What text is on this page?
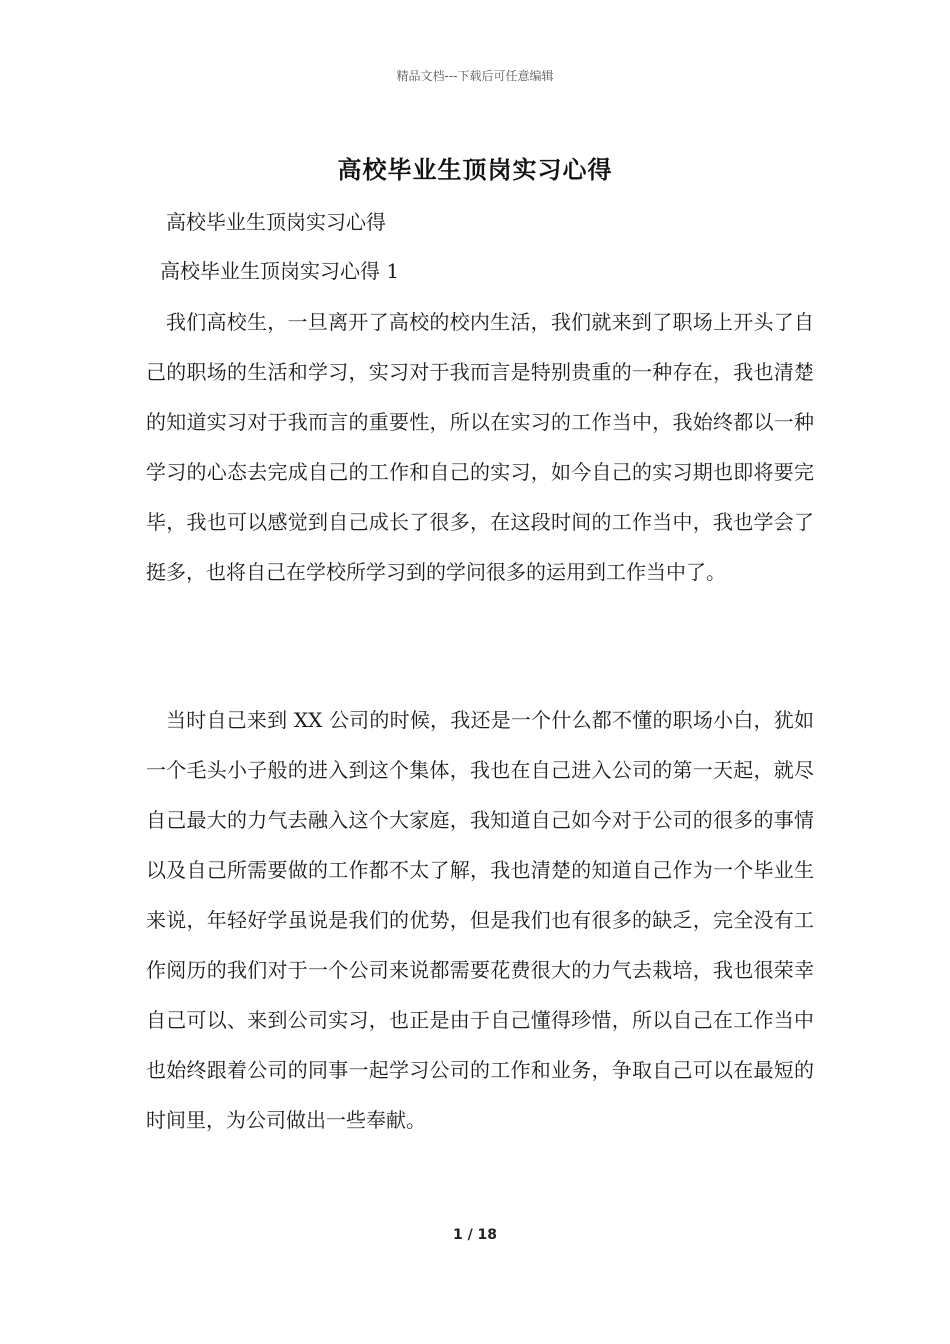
精品文档---下载后可任意编辑
高校毕业生顶岗实习心得
高校毕业生顶岗实习心得
高校毕业生顶岗实习心得 1
我们高校生，一旦离开了高校的校内生活，我们就来到了职场上开头了自己的职场的生活和学习，实习对于我而言是特别贵重的一种存在，我也清楚的知道实习对于我而言的重要性，所以在实习的工作当中，我始终都以一种学习的心态去完成自己的工作和自己的实习，如今自己的实习期也即将要完毕，我也可以感觉到自己成长了很多，在这段时间的工作当中，我也学会了挺多，也将自己在学校所学习到的学问很多的运用到工作当中了。
当时自己来到 XX 公司的时候，我还是一个什么都不懂的职场小白，犹如一个毛头小子般的进入到这个集体，我也在自己进入公司的第一天起，就尽自己最大的力气去融入这个大家庭，我知道自己如今对于公司的很多的事情以及自己所需要做的工作都不太了解，我也清楚的知道自己作为一个毕业生来说，年轻好学虽说是我们的优势，但是我们也有很多的缺乏，完全没有工作阅历的我们对于一个公司来说都需要花费很大的力气去栽培，我也很荣幸自己可以、来到公司实习，也正是由于自己懂得珍惜，所以自己在工作当中也始终跟着公司的同事一起学习公司的工作和业务，争取自己可以在最短的时间里，为公司做出一些奉献。
1 / 18
